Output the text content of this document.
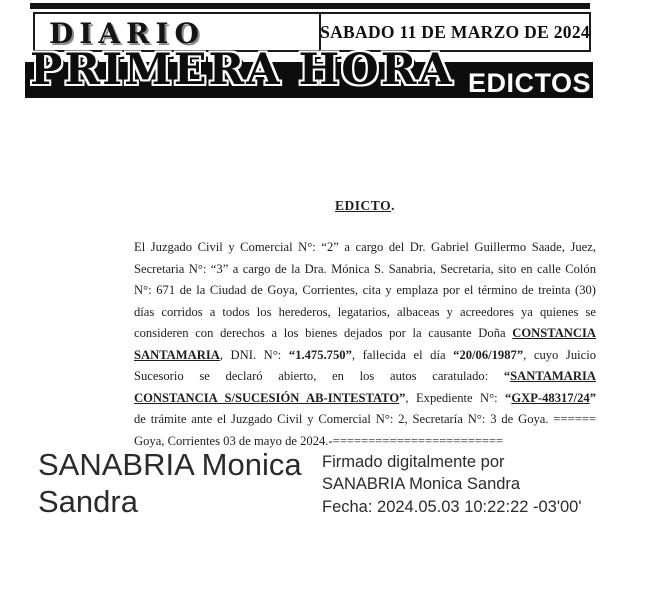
DIARIO	SABADO 11 DE MARZO DE 2024
PRIMERA HORA EDICTOS
EDICTO.
El Juzgado Civil y Comercial N°: “2” a cargo del Dr. Gabriel Guillermo Saade, Juez,
Secretaria N°: “3” a cargo de la Dra. Mónica S. Sanabria, Secretaria, sito en calle Colón
N°: 671 de la Ciudad de Goya, Corrientes, cita y emplaza por el término de treinta (30)
días corridos a todos los herederos, legatarios, albaceas y acreedores ya quienes se
consideren con derechos a los bienes dejados por la causante Doña CONSTANCIA
SANTAMARIA, DNI. N°: “1.475.750”, fallecida el día “20/06/1987”, cuyo Juicio
Sucesorio se declaró abierto, en los autos caratulado: “SANTAMARIA
CONSTANCIA S/SUCESIÓN AB-INTESTATO”, Expediente N°: “GXP-48317/24”
de trámite ante el Juzgado Civil y Comercial N°: 2, Secretaría N°: 3 de Goya. ======
Goya, Corrientes 03 de mayo de 2024.-========================
SANABRIA Monica
Sandra
Firmado digitalmente por
SANABRIA Monica Sandra
Fecha: 2024.05.03 10:22:22 -03'00'
